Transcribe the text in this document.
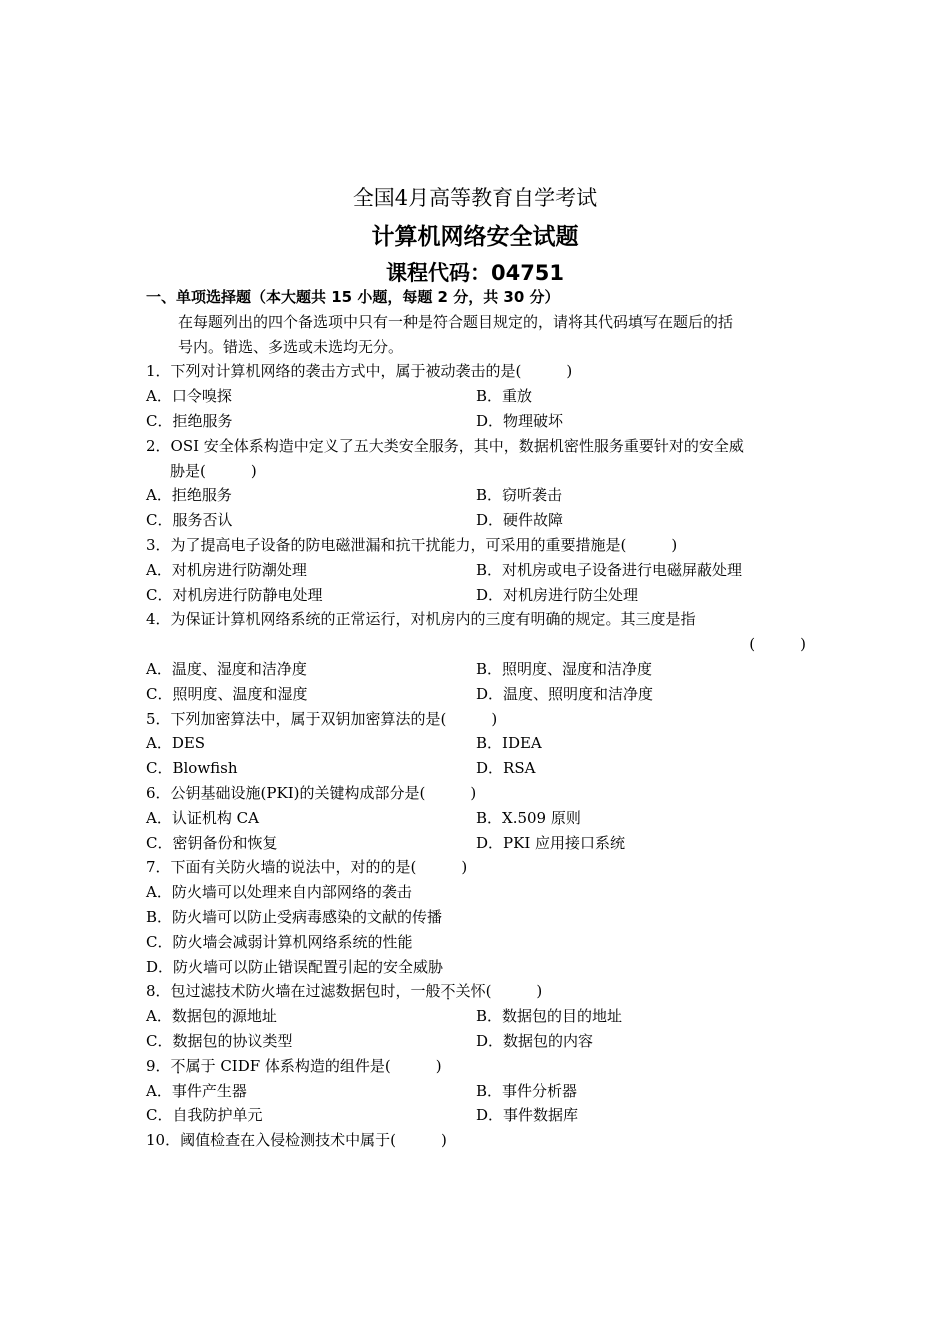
全国4月高等教育自学考试
计算机网络安全试题
课程代码：04751
一、单项选择题（本大题共 15 小题，每题 2 分，共 30 分）
在每题列出的四个备选项中只有一种是符合题目规定的，请将其代码填写在题后的括
号内。错选、多选或未选均无分。
1．下列对计算机网络的袭击方式中，属于被动袭击的是(　　　)
A．口令嗅探	B．重放
C．拒绝服务	D．物理破坏
2．OSI 安全体系构造中定义了五大类安全服务，其中，数据机密性服务重要针对的安全威
胁是(　　　)
A．拒绝服务	B．窃听袭击
C．服务否认	D．硬件故障
3．为了提高电子设备的防电磁泄漏和抗干扰能力，可采用的重要措施是(　　　)
A．对机房进行防潮处理	B．对机房或电子设备进行电磁屏蔽处理
C．对机房进行防静电处理	D．对机房进行防尘处理
4．为保证计算机网络系统的正常运行，对机房内的三度有明确的规定。其三度是指
(　　　)
A．温度、湿度和洁净度	B．照明度、湿度和洁净度
C．照明度、温度和湿度	D．温度、照明度和洁净度
5．下列加密算法中，属于双钥加密算法的是(　　　)
A．DES	B．IDEA
C．Blowfish	D．RSA
6．公钥基础设施(PKI)的关键构成部分是(　　　)
A．认证机构 CA	B．X.509 原则
C．密钥备份和恢复	D．PKI 应用接口系统
7．下面有关防火墙的说法中，对的的是(　　　)
A．防火墙可以处理来自内部网络的袭击
B．防火墙可以防止受病毒感染的文献的传播
C．防火墙会减弱计算机网络系统的性能
D．防火墙可以防止错误配置引起的安全威胁
8．包过滤技术防火墙在过滤数据包时，一般不关怀(　　　)
A．数据包的源地址	B．数据包的目的地址
C．数据包的协议类型	D．数据包的内容
9．不属于 CIDF 体系构造的组件是(　　　)
A．事件产生器	B．事件分析器
C．自我防护单元	D．事件数据库
10．阈值检查在入侵检测技术中属于(　　　)
